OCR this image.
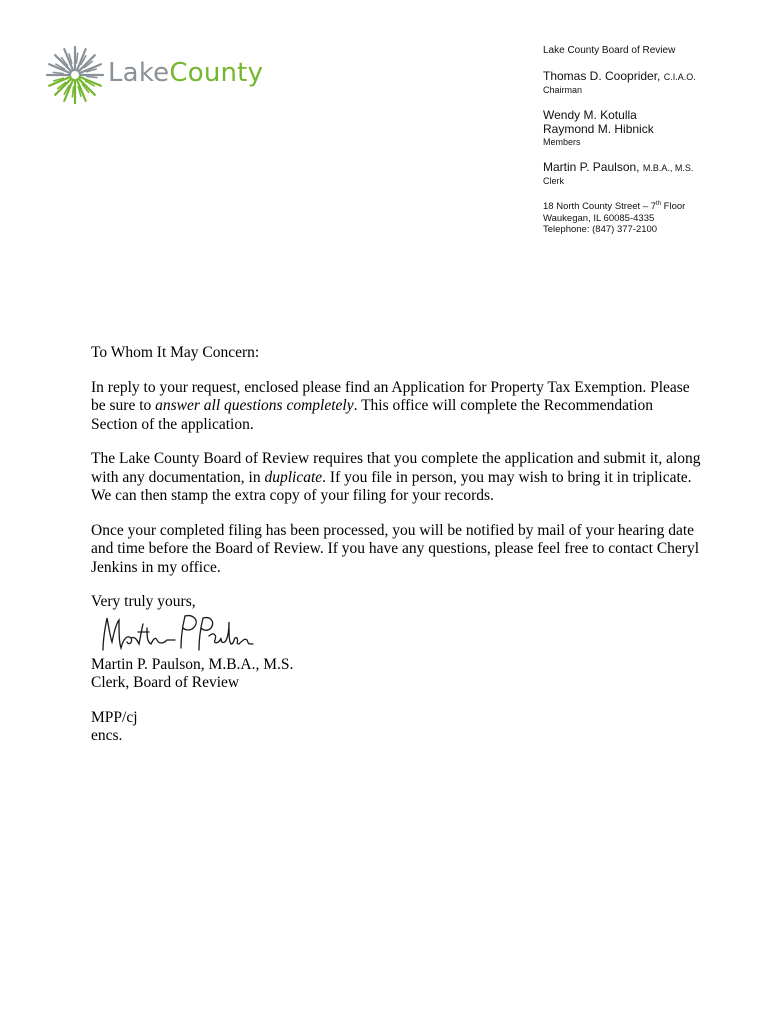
LakeCounty
Lake County Board of Review
Thomas D. Cooprider, C.I.A.O.
Chairman
Wendy M. Kotulla
Raymond M. Hibnick
Members
Martin P. Paulson, M.B.A., M.S.
Clerk
18 North County Street – 7th Floor
Waukegan, IL 60085-4335
Telephone: (847) 377-2100

To Whom It May Concern:

In reply to your request, enclosed please find an Application for Property Tax Exemption. Please be sure to answer all questions completely. This office will complete the Recommendation Section of the application.

The Lake County Board of Review requires that you complete the application and submit it, along with any documentation, in duplicate. If you file in person, you may wish to bring it in triplicate. We can then stamp the extra copy of your filing for your records.

Once your completed filing has been processed, you will be notified by mail of your hearing date and time before the Board of Review. If you have any questions, please feel free to contact Cheryl Jenkins in my office.

Very truly yours,

Martin P. Paulson, M.B.A., M.S.

Clerk, Board of Review

MPP/cj

encs.
